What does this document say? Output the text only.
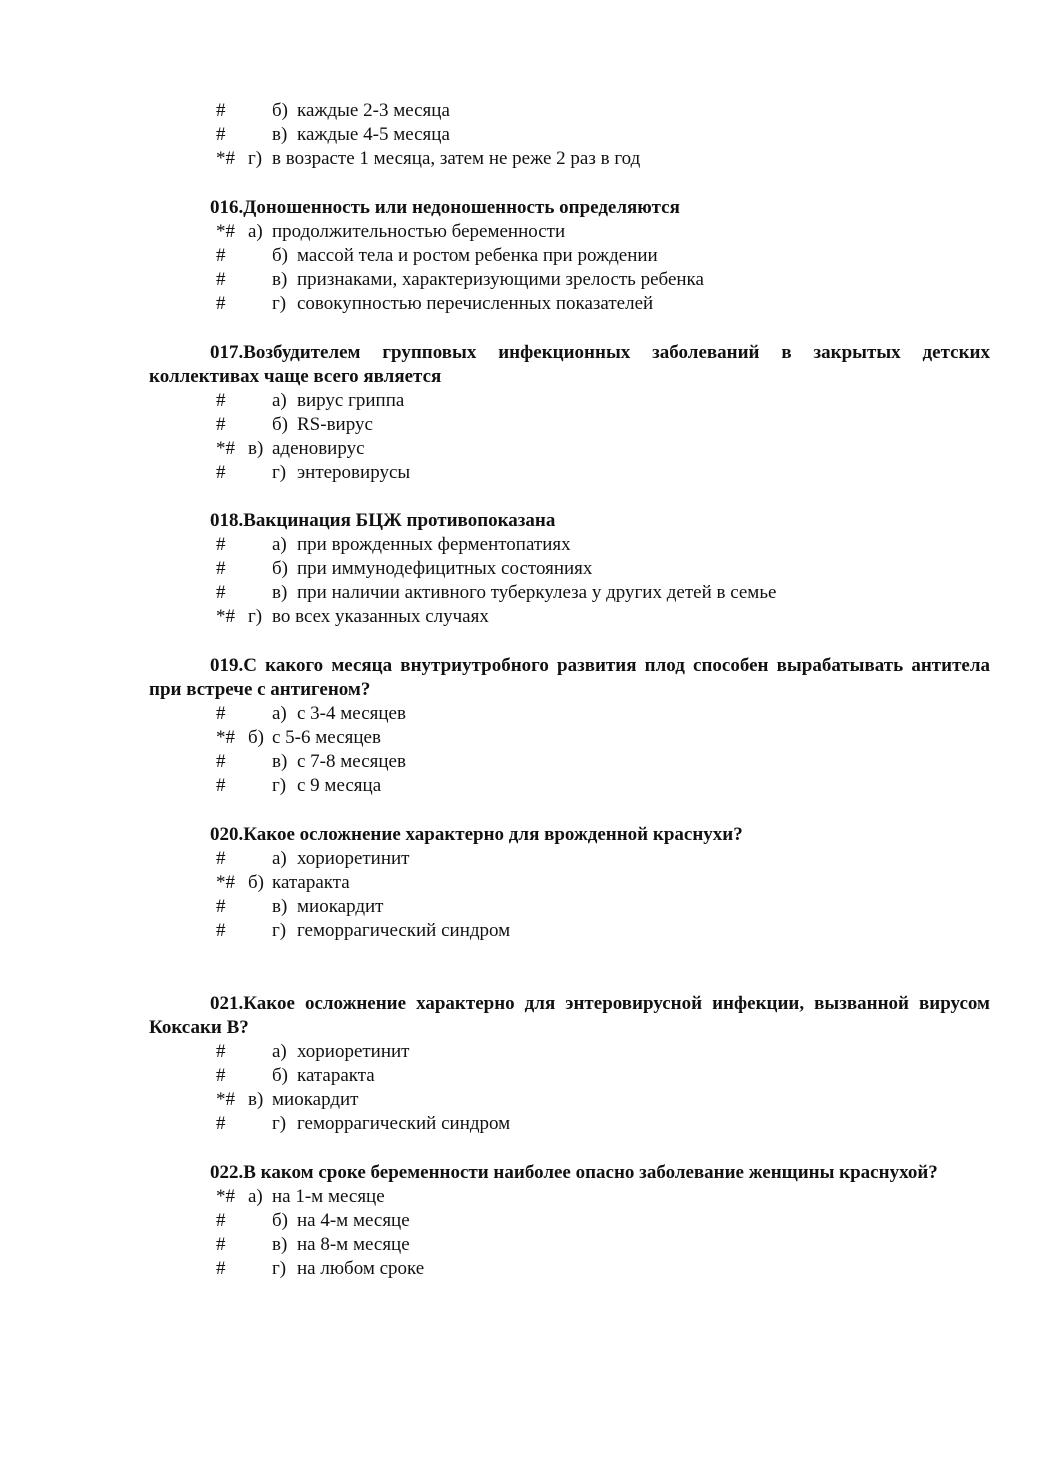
# б) каждые 2-3 месяца
# в) каждые 4-5 месяца
*# г) в возрасте 1 месяца, затем не реже 2 раз в год
016.Доношенность или недоношенность определяются
*# а) продолжительностью беременности
# б) массой тела и ростом ребенка при рождении
# в) признаками, характеризующими зрелость ребенка
# г) совокупностью перечисленных показателей
017.Возбудителем групповых инфекционных заболеваний в закрытых детских коллективах чаще всего является
# а) вирус гриппа
# б) RS-вирус
*# в) аденовирус
# г) энтеровирусы
018.Вакцинация БЦЖ противопоказана
# а) при врожденных ферментопатиях
# б) при иммунодефицитных состояниях
# в) при наличии активного туберкулеза у других детей в семье
*# г) во всех указанных случаях
019.С какого месяца внутриутробного развития плод способен вырабатывать антитела при встрече с антигеном?
# а) с 3-4 месяцев
*# б) с 5-6 месяцев
# в) с 7-8 месяцев
# г) с 9 месяца
020.Какое осложнение характерно для врожденной краснухи?
# а) хориоретинит
*# б) катаракта
# в) миокардит
# г) геморрагический синдром
021.Какое осложнение характерно для энтеровирусной инфекции, вызванной вирусом Коксаки В?
# а) хориоретинит
# б) катаракта
*# в) миокардит
# г) геморрагический синдром
022.В каком сроке беременности наиболее опасно заболевание женщины краснухой?
*# а) на 1-м месяце
# б) на 4-м месяце
# в) на 8-м месяце
# г) на любом сроке
